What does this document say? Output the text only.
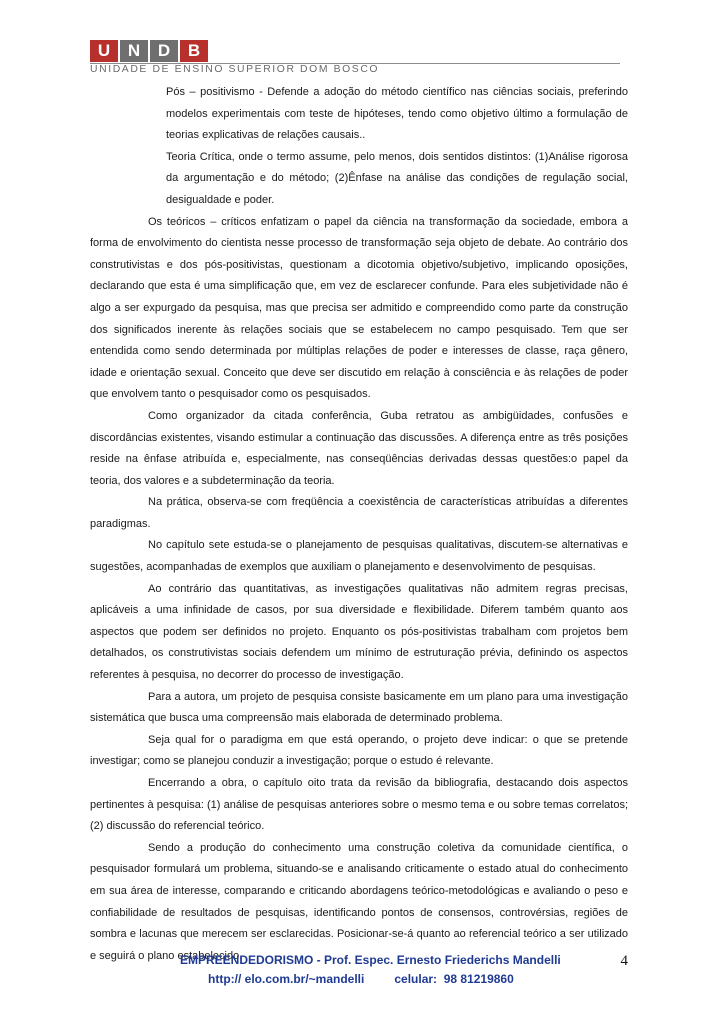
U	N	D	B
UNIDADE DE ENSINO SUPERIOR DOM BOSCO

Pós – positivismo - Defende a adoção do método científico nas ciências sociais, preferindo modelos experimentais com teste de hipóteses, tendo como objetivo último a formulação de teorias explicativas de relações causais..

Teoria Crítica, onde o termo assume, pelo menos, dois sentidos distintos: (1)Análise rigorosa da argumentação e do método; (2)Ênfase na análise das condições de regulação social, desigualdade e poder.

Os teóricos – críticos enfatizam o papel da ciência na transformação da sociedade, embora a forma de envolvimento do cientista nesse processo de transformação seja objeto de debate. Ao contrário dos construtivistas e dos pós-positivistas, questionam a dicotomia objetivo/subjetivo, implicando oposições, declarando que esta é uma simplificação que, em vez de esclarecer confunde. Para eles subjetividade não é algo a ser expurgado da pesquisa, mas que precisa ser admitido e compreendido como parte da construção dos significados inerente às relações sociais que se estabelecem no campo pesquisado. Tem que ser entendida como sendo determinada por múltiplas relações de poder e interesses de classe, raça gênero, idade e orientação sexual. Conceito que deve ser discutido em relação à consciência e às relações de poder que envolvem tanto o pesquisador como os pesquisados.

Como organizador da citada conferência, Guba retratou as ambigüidades, confusões e discordâncias existentes, visando estimular a continuação das discussões. A diferença entre as três posições reside na ênfase atribuída e, especialmente, nas conseqüências derivadas dessas questões:o papel da teoria, dos valores e a subdeterminação da teoria.

Na prática, observa-se com freqüência a coexistência de características atribuídas a diferentes paradigmas.

No capítulo sete estuda-se o planejamento de pesquisas qualitativas, discutem-se alternativas e sugestões, acompanhadas de exemplos que auxiliam o planejamento e desenvolvimento de pesquisas.

Ao contrário das quantitativas, as investigações qualitativas não admitem regras precisas, aplicáveis a uma infinidade de casos, por sua diversidade e flexibilidade. Diferem também quanto aos aspectos que podem ser definidos no projeto. Enquanto os pós-positivistas trabalham com projetos bem detalhados, os construtivistas sociais defendem um mínimo de estruturação prévia, definindo os aspectos referentes à pesquisa, no decorrer do processo de investigação.

Para a autora, um projeto de pesquisa consiste basicamente em um plano para uma investigação sistemática que busca uma compreensão mais elaborada de determinado problema.

Seja qual for o paradigma em que está operando, o projeto deve indicar: o que se pretende investigar; como se planejou conduzir a investigação; porque o estudo é relevante.

Encerrando a obra, o capítulo oito trata da revisão da bibliografia, destacando dois aspectos pertinentes à pesquisa: (1) análise de pesquisas anteriores sobre o mesmo tema e ou sobre temas correlatos; (2) discussão do referencial teórico.

Sendo a produção do conhecimento uma construção coletiva da comunidade científica, o pesquisador formulará um problema, situando-se e analisando criticamente o estado atual do conhecimento em sua área de interesse, comparando e criticando abordagens teórico-metodológicas e avaliando o peso e confiabilidade de resultados de pesquisas, identificando pontos de consensos, controvérsias, regiões de sombra e lacunas que merecem ser esclarecidas. Posicionar-se-á quanto ao referencial teórico a ser utilizado e seguirá o plano estabelecido.

EMPREENDEDORISMO - Prof. Espec. Ernesto Friederichs Mandelli
http:// elo.com.br/~mandelli         celular:  98 81219860
4
